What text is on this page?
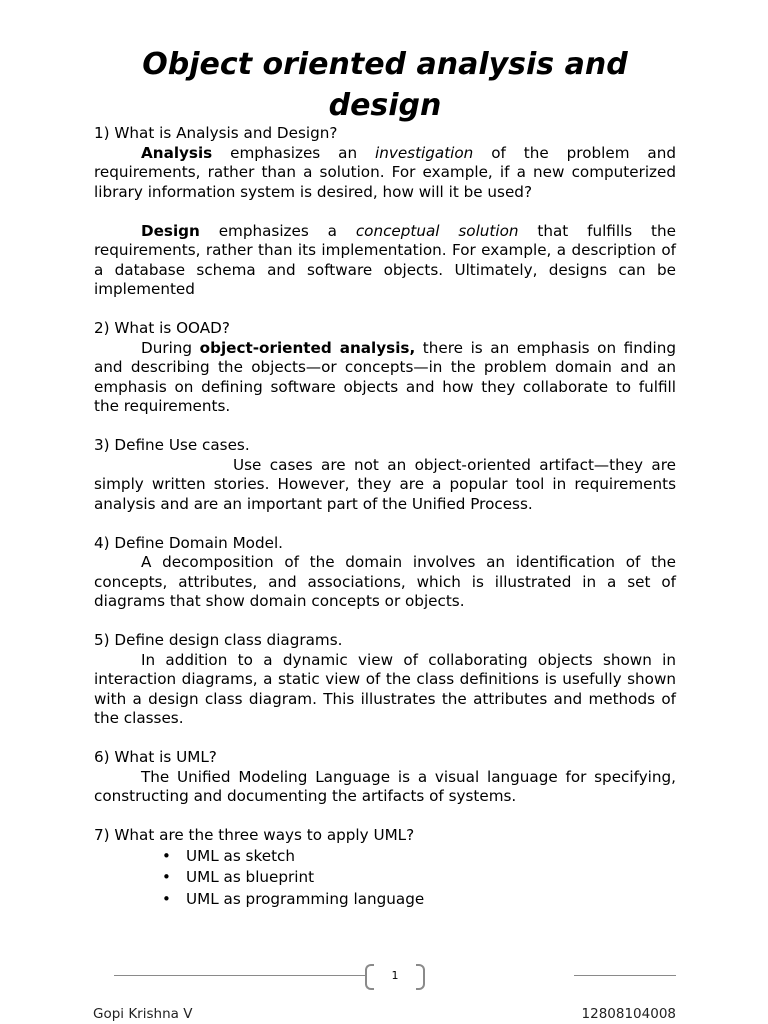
Object oriented analysis and design

1) What is Analysis and Design?

Analysis emphasizes an investigation of the problem and requirements, rather than a solution. For example, if a new computerized library information system is desired, how will it be used?

Design emphasizes a conceptual solution that fulfills the requirements, rather than its implementation. For example, a description of a database schema and software objects. Ultimately, designs can be implemented

2) What is OOAD?

During object-oriented analysis, there is an emphasis on finding and describing the objects—or concepts—in the problem domain and an emphasis on defining software objects and how they collaborate to fulfill the requirements.

3) Define Use cases.

Use cases are not an object-oriented artifact—they are simply written stories. However, they are a popular tool in requirements analysis and are an important part of the Unified Process.

4) Define Domain Model.

A decomposition of the domain involves an identification of the concepts, attributes, and associations, which is illustrated in a set of diagrams that show domain concepts or objects.

5) Define design class diagrams.

In addition to a dynamic view of collaborating objects shown in interaction diagrams, a static view of the class definitions is usefully shown with a design class diagram. This illustrates the attributes and methods of the classes.

6) What is UML?

The Unified Modeling Language is a visual language for specifying, constructing and documenting the artifacts of systems.

7) What are the three ways to apply UML?

• UML as sketch
• UML as blueprint
• UML as programming language
1
Gopi Krishna V	12808104008
